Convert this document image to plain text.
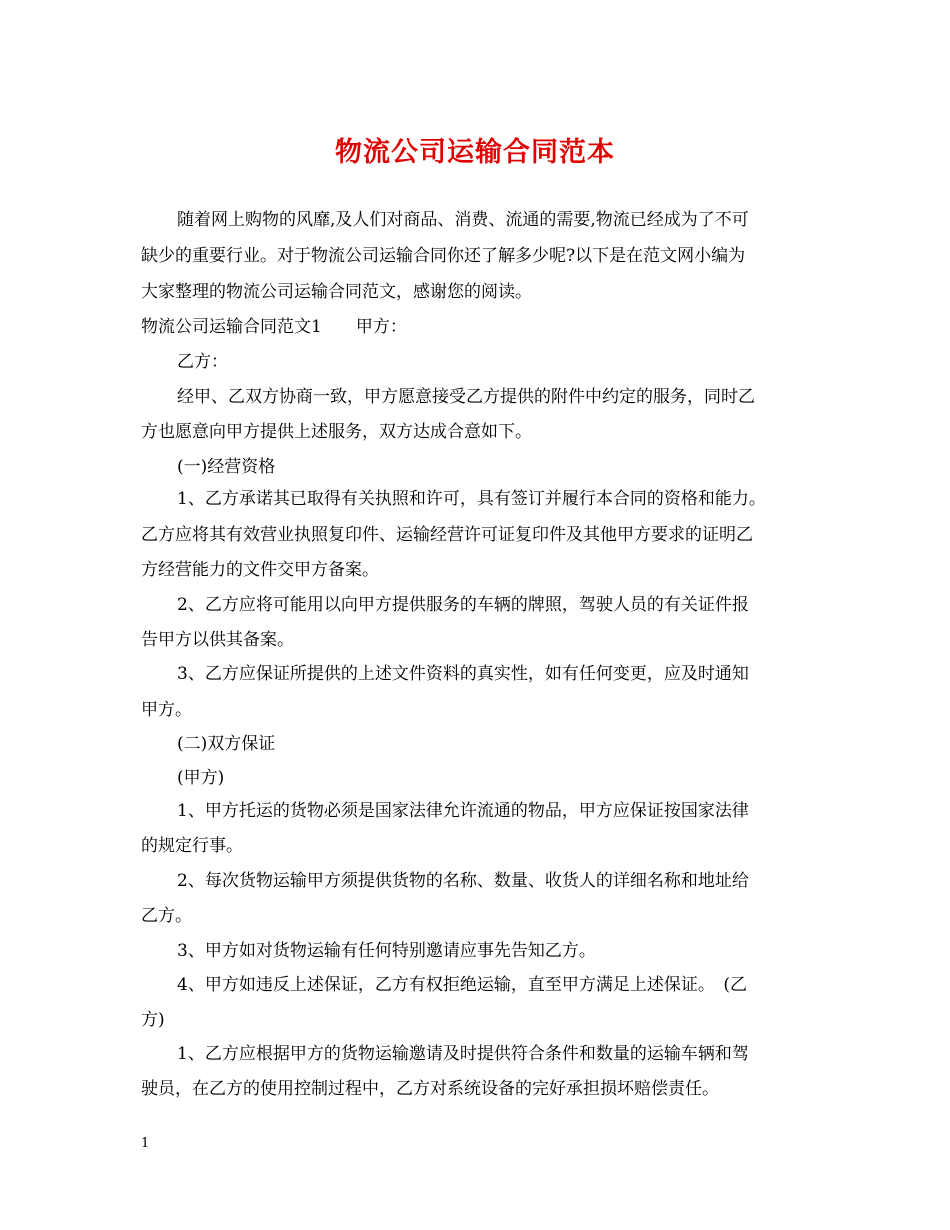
物流公司运输合同范本
随着网上购物的风靡,及人们对商品、消费、流通的需要,物流已经成为了不可
缺少的重要行业。对于物流公司运输合同你还了解多少呢?以下是在范文网小编为
大家整理的物流公司运输合同范文，感谢您的阅读。
物流公司运输合同范文1　　甲方：
乙方：
经甲、乙双方协商一致，甲方愿意接受乙方提供的附件中约定的服务，同时乙
方也愿意向甲方提供上述服务，双方达成合意如下。
(一)经营资格
1、乙方承诺其已取得有关执照和许可，具有签订并履行本合同的资格和能力。
乙方应将其有效营业执照复印件、运输经营许可证复印件及其他甲方要求的证明乙
方经营能力的文件交甲方备案。
2、乙方应将可能用以向甲方提供服务的车辆的牌照，驾驶人员的有关证件报
告甲方以供其备案。
3、乙方应保证所提供的上述文件资料的真实性，如有任何变更，应及时通知
甲方。
(二)双方保证
(甲方)
1、甲方托运的货物必须是国家法律允许流通的物品，甲方应保证按国家法律
的规定行事。
2、每次货物运输甲方须提供货物的名称、数量、收货人的详细名称和地址给
乙方。
3、甲方如对货物运输有任何特别邀请应事先告知乙方。
4、甲方如违反上述保证，乙方有权拒绝运输，直至甲方满足上述保证。　(乙
方)
1、乙方应根据甲方的货物运输邀请及时提供符合条件和数量的运输车辆和驾
驶员，在乙方的使用控制过程中，乙方对系统设备的完好承担损坏赔偿责任。
1
